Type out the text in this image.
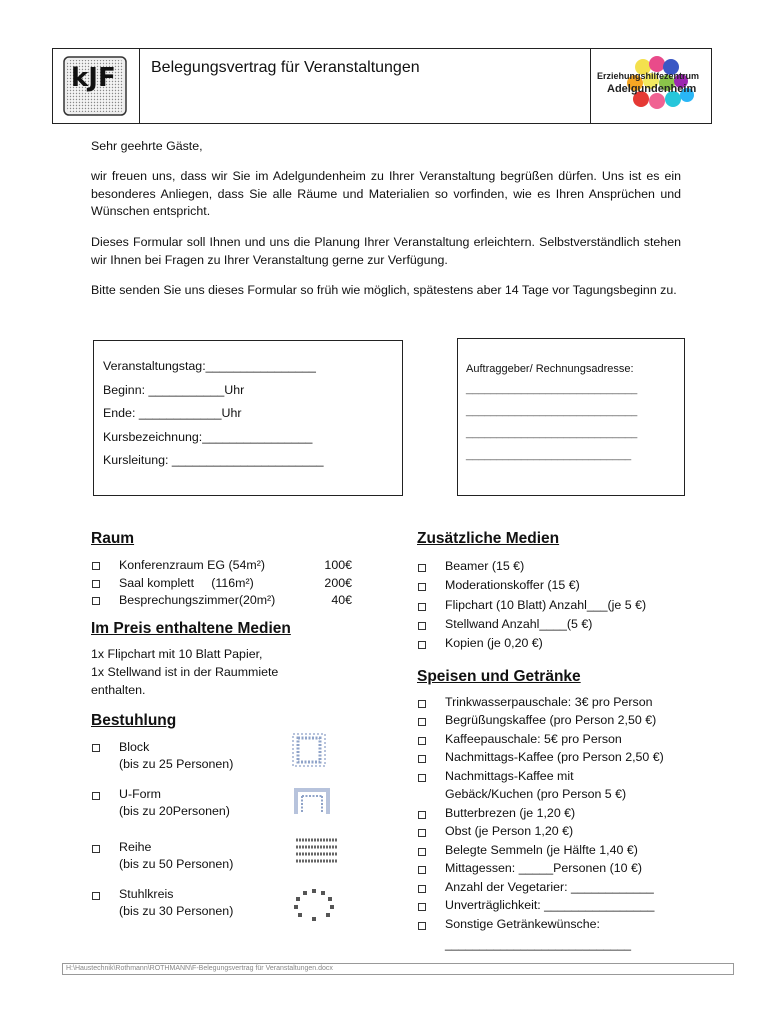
kJF Belegungsvertrag für Veranstaltungen	Erziehungshilfezentrum
Adelgundenheim
Sehr geehrte Gäste,
wir freuen uns, dass wir Sie im Adelgundenheim zu Ihrer Veranstaltung begrüßen dürfen. Uns ist es ein besonderes Anliegen, dass Sie alle Räume und Materialien so vorfinden, wie es Ihren Ansprüchen und Wünschen entspricht.
Dieses Formular soll Ihnen und uns die Planung Ihrer Veranstaltung erleichtern. Selbstverständlich stehen wir Ihnen bei Fragen zu Ihrer Veranstaltung gerne zur Verfügung.
Bitte senden Sie uns dieses Formular so früh wie möglich, spätestens aber 14 Tage vor Tagungsbeginn zu.
Veranstaltungstag:________________
Beginn: ___________Uhr
Ende: ____________Uhr
Kursbezeichnung:________________
Kursleitung: ______________________
Auftraggeber/ Rechnungsadresse:
____________________________
____________________________
____________________________
___________________________
Raum
Konferenzraum EG (54m²)	100€
Saal komplett     (116m²)	200€
Besprechungszimmer(20m²)	40€
Im Preis enthaltene Medien
1x Flipchart mit 10 Blatt Papier,
1x Stellwand ist in der Raummiete
enthalten.
Bestuhlung
Block
(bis zu 25 Personen)
U-Form
(bis zu 20Personen)
Reihe
(bis zu 50 Personen)
Stuhlkreis
(bis zu 30 Personen)
Zusätzliche Medien
Beamer (15 €)
Moderationskoffer (15 €)
Flipchart (10 Blatt) Anzahl___(je 5 €)
Stellwand Anzahl____(5 €)
Kopien (je 0,20 €)
Speisen und Getränke
Trinkwasserpauschale: 3€ pro Person
Begrüßungskaffee (pro Person 2,50 €)
Kaffeepauschale: 5€ pro Person
Nachmittags-Kaffee (pro Person 2,50 €)
Nachmittags-Kaffee mit
Gebäck/Kuchen (pro Person 5 €)
Butterbrezen (je 1,20 €)
Obst (je Person 1,20 €)
Belegte Semmeln (je Hälfte 1,40 €)
Mittagessen: _____Personen (10 €)
Anzahl der Vegetarier: ____________
Unverträglichkeit: ________________
Sonstige Getränkewünsche:
___________________________
H:\Haustechnik\Rothmann\ROTHMANN\F-Belegungsvertrag für Veranstaltungen.docx
